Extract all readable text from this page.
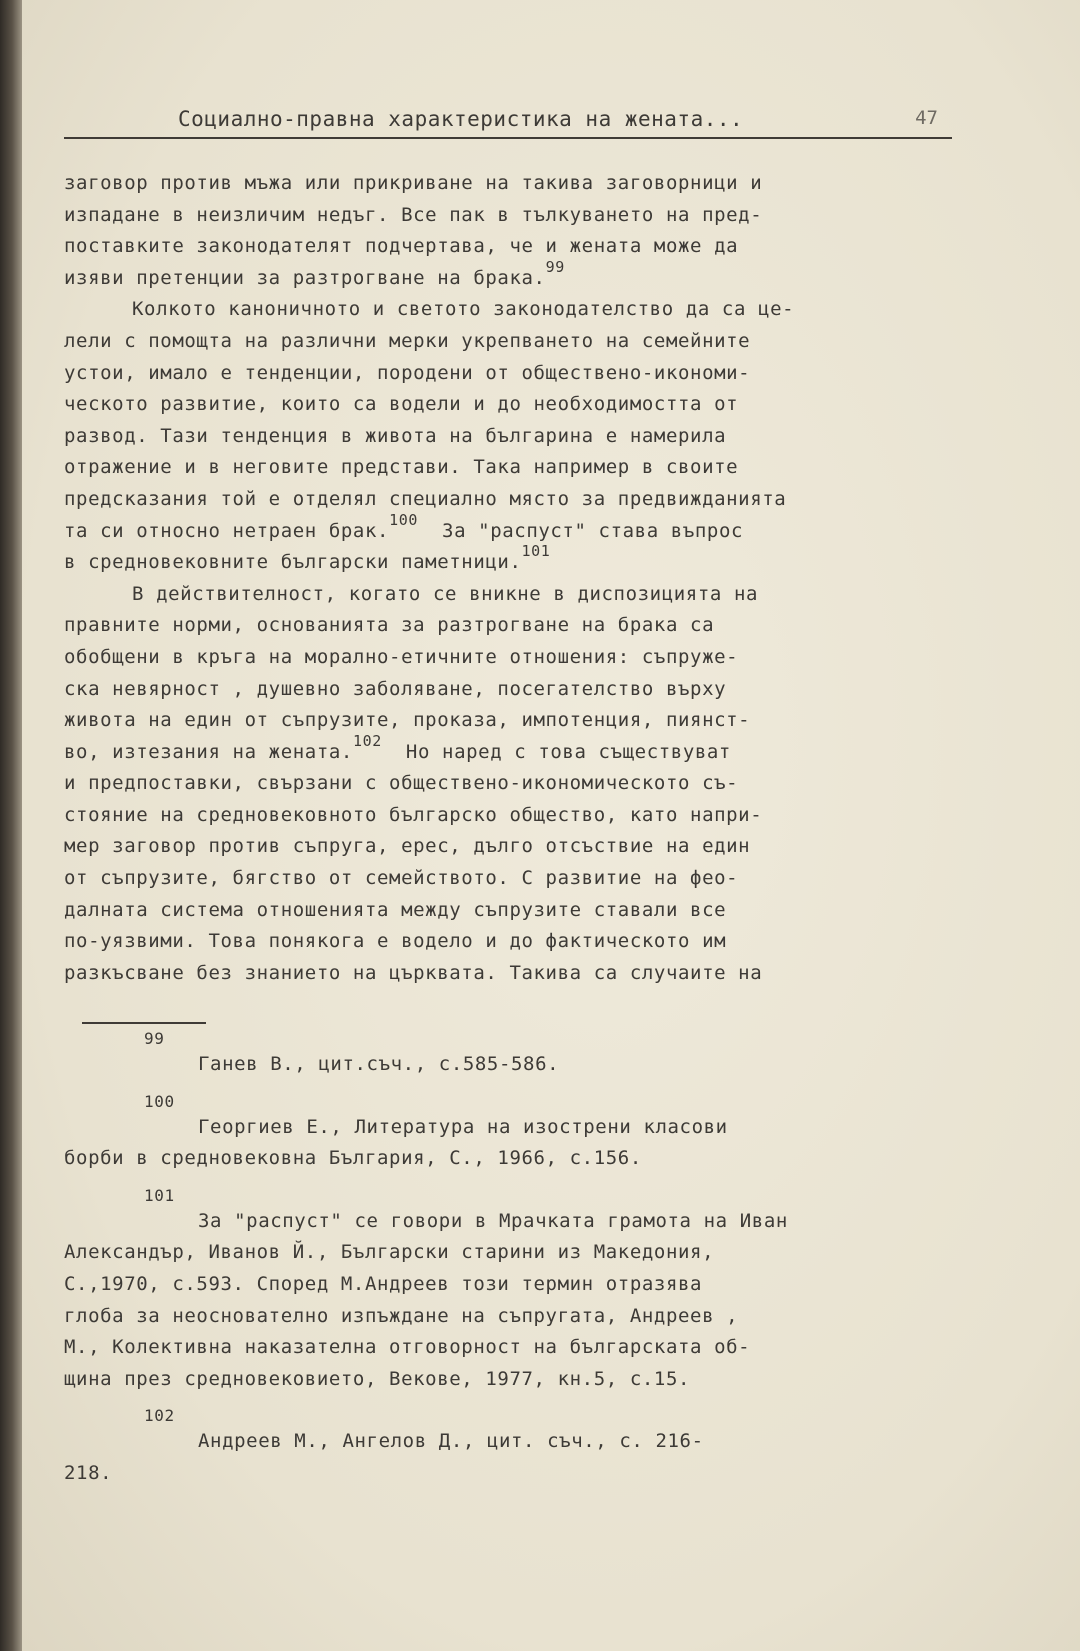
Социално-правна характеристика на жената...	47
заговор против мъжа или прикриване на такива заговорници и
изпадане в неизличим недъг. Все пак в тълкуването на пред-
поставките законодателят подчертава, че и жената може да
изяви претенции за разтрогване на брака.$^{99}$
Колкото каноничното и светото законодателство да са це-
лели с помощта на различни мерки укрепването на семейните
устои, имало е тенденции, породени от обществено-икономи-
ческото развитие, които са водели и до необходимостта от
развод. Тази тенденция в живота на българина е намерила
отражение и в неговите представи. Така например в своите
предсказания той е отделял специално място за предвижданията
та си относно нетраен брак.$^{100}$  За "распуст" става въпрос
в средновековните български паметници.$^{101}$
В действителност, когато се вникне в диспозицията на
правните норми, основанията за разтрогване на брака са
обобщени в кръга на морално-етичните отношения: съпруже-
ска невярност , душевно заболяване, посегателство върху
живота на един от съпрузите, проказа, импотенция, пиянст-
во, изтезания на жената.$^{102}$  Но наред с това съществуват
и предпоставки, свързани с обществено-икономическото съ-
стояние на средновековното българско общество, като напри-
мер заговор против съпруга, ерес, дълго отсъствие на един
от съпрузите, бягство от семейството. С развитие на фео-
далната система отношенията между съпрузите ставали все
по-уязвими. Това понякога е водело и до фактическото им
разкъсване без знанието на църквата. Такива са случаите на
99
Ганев В., цит.съч., с.585-586.
100
Георгиев Е., Литература на изострени класови
борби в средновековна България, С., 1966, с.156.
101
За "распуст" се говори в Мрачката грамота на Иван
Александър, Иванов Й., Български старини из Македония,
С.,1970, с.593. Според М.Андреев този термин отразява
глоба за неоснователно изпъждане на съпругата, Андреев ,
М., Колективна наказателна отговорност на българската об-
щина през средновековието, Векове, 1977, кн.5, с.15.
102
Андреев М., Ангелов Д., цит. съч., с. 216-
218.
